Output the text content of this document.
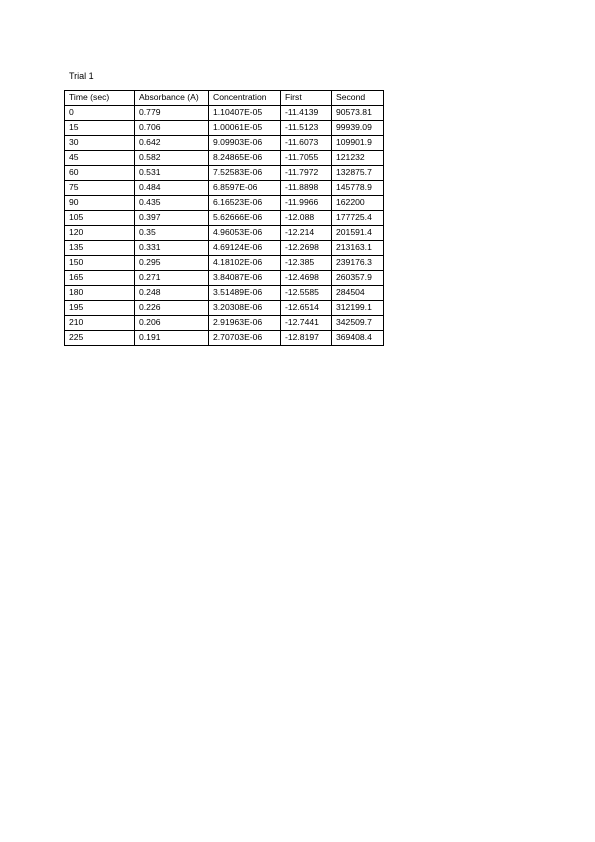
Trial 1
Time (sec)	Absorbance (A)	Concentration	First	Second
0	0.779	1.10407E-05	-11.4139	90573.81
15	0.706	1.00061E-05	-11.5123	99939.09
30	0.642	9.09903E-06	-11.6073	109901.9
45	0.582	8.24865E-06	-11.7055	121232
60	0.531	7.52583E-06	-11.7972	132875.7
75	0.484	6.8597E-06	-11.8898	145778.9
90	0.435	6.16523E-06	-11.9966	162200
105	0.397	5.62666E-06	-12.088	177725.4
120	0.35	4.96053E-06	-12.214	201591.4
135	0.331	4.69124E-06	-12.2698	213163.1
150	0.295	4.18102E-06	-12.385	239176.3
165	0.271	3.84087E-06	-12.4698	260357.9
180	0.248	3.51489E-06	-12.5585	284504
195	0.226	3.20308E-06	-12.6514	312199.1
210	0.206	2.91963E-06	-12.7441	342509.7
225	0.191	2.70703E-06	-12.8197	369408.4
